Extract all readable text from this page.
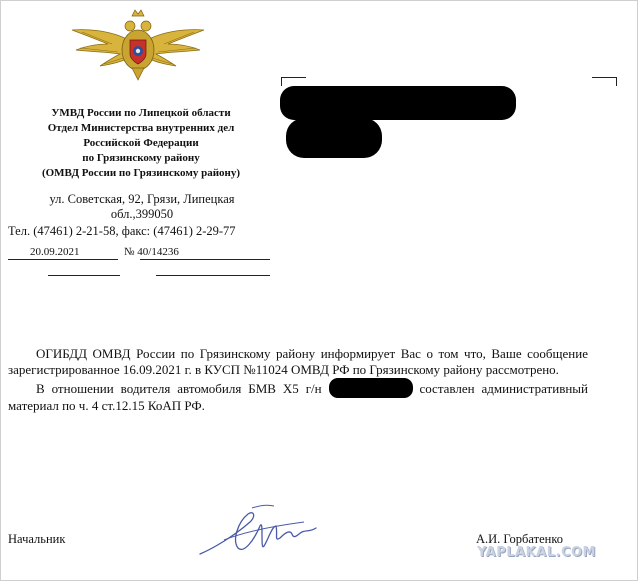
УМВД России по Липецкой области
Отдел Министерства внутренних дел
Российской Федерации
по Грязинскому району
(ОМВД России по Грязинскому району)
ул. Советская, 92, Грязи, Липецкая
обл.,399050
Тел. (47461) 2-21-58, факс: (47461) 2-29-77
20.09.2021	№ 40/14236

ОГИБДД ОМВД России по Грязинскому району информирует Вас о том что, Ваше сообщение зарегистрированное 16.09.2021 г. в КУСП №11024 ОМВД РФ по Грязинскому району рассмотрено.

В отношении водителя автомобиля БМВ Х5 г/н	составлен административный материал по ч. 4 ст.12.15 КоАП РФ.

Начальник	А.И. Горбатенко
YAPLAKAL.COM
